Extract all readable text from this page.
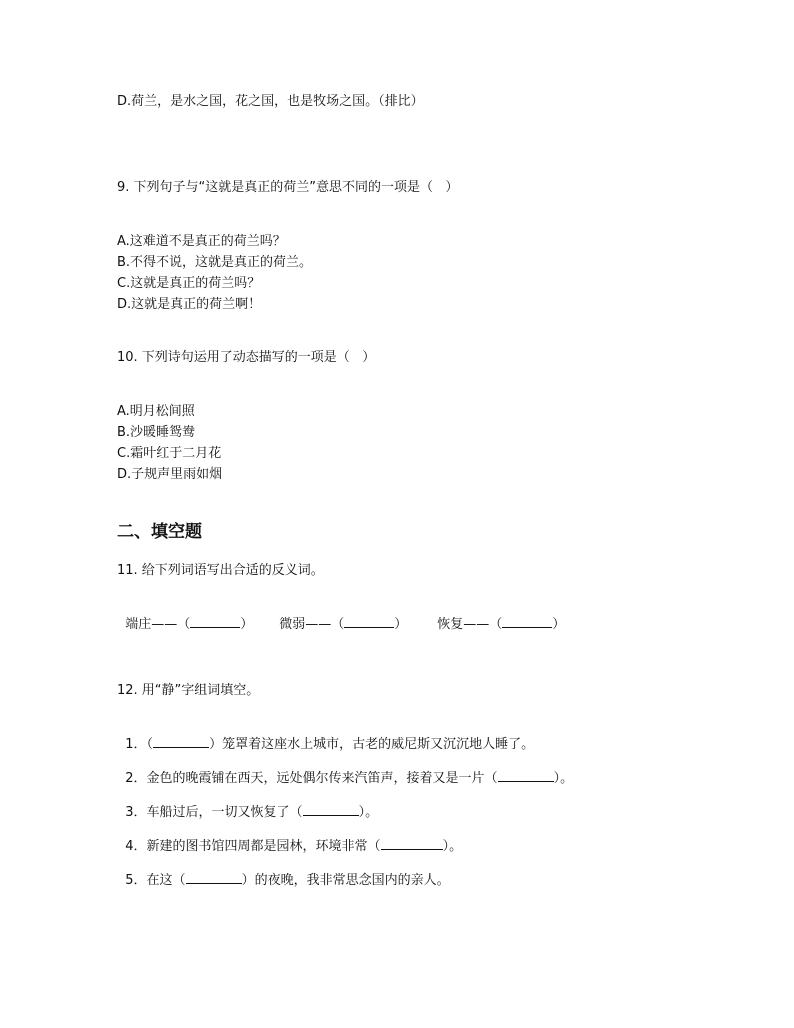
D.荷兰，是水之国，花之国，也是牧场之国。（排比）
9. 下列句子与“这就是真正的荷兰”意思不同的一项是（   ）
A.这难道不是真正的荷兰吗？
B.不得不说，这就是真正的荷兰。
C.这就是真正的荷兰吗？
D.这就是真正的荷兰啊！
10. 下列诗句运用了动态描写的一项是（   ）
A.明月松间照
B.沙暖睡鸳鸯
C.霜叶红于二月花
D.子规声里雨如烟
二、填空题
11. 给下列词语写出合适的反义词。

端庄——（	）	微弱——（	）	恢复——（	）

12. 用“静”字组词填空。

1．（	）笼罩着这座水上城市，古老的威尼斯又沉沉地人睡了。

2．金色的晚霞铺在西天，远处偶尔传来汽笛声，接着又是一片（	）。

3．车船过后，一切又恢复了（	）。

4．新建的图书馆四周都是园林，环境非常（	）。

5．在这（	）的夜晚，我非常思念国内的亲人。
